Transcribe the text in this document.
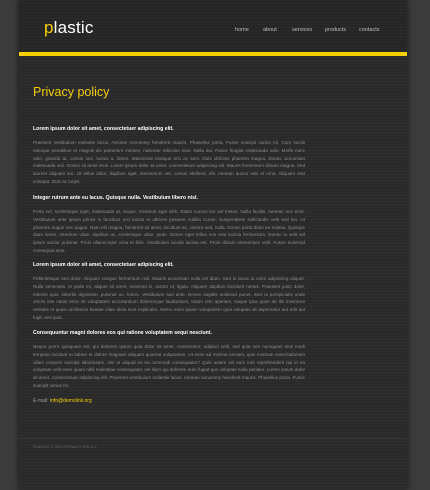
plastic	home	about	services products contacts
Privacy policy

Lorem ipsum dolor sit amet, consectetuer adipiscing elit.

Praesent vestibulum molestie lacus. Aenean nonummy hendrerit mauris. Phasellus porta. Fusce suscipit varius mi. Cum sociis natoque penatibus et magnis dis parturient montes, nascetur ridiculus mus. Nulla dui. Fusce feugiat malesuada odio. Morbi nunc odio, gravida at, cursus nec, luctus a, lorem. Maecenas tristique orci ac sem. Duis ultricies pharetra magna. Donec accumsan malesuada orci. Donec sit amet eros. Lorem ipsum dolor sit amet, consectetuer adipiscing elit. Mauris fermentum dictum magna. Sed laoreet aliquam leo. Ut tellus dolor, dapibus eget, elementum vel, cursus eleifend, elit. Aenean auctor wisi et urna. Aliquam erat volutpat. Duis ac turpis.

Integer rutrum ante eu lacus. Quisque nulla. Vestibulum libero nisl.

Porta vel, scelerisque eget, malesuada at, neque. Vivamus eget nibh. Etiam cursus leo vel metus. Nulla facilisi. Aenean nec eros. Vestibulum ante ipsum primis in faucibus orci luctus et ultrices posuere cubilia Curae; Suspendisse sollicitudin velit sed leo. Ut pharetra augue nec augue. Nam elit magna, hendrerit sit amet, tincidunt ac, viverra sed, nulla. Donec porta diam eu massa. Quisque diam lorem, interdum vitae, dapibus ac, scelerisque vitae, pede. Donec eget tellus non erat lacinia fermentum. Donec in velit vel ipsum auctor pulvinar. Proin ullamcorper urna et felis. Vestibulum iaculis lacinia est. Proin dictum elementum velit. Fusce euismod consequat ante.

Lorem ipsum dolor sit amet, consectetuer adipiscing elit.

Pellentesque sed dolor. Aliquam congue fermentum nisl. Mauris accumsan nulla vel diam. Sed in lacus ut enim adipiscing aliquet. Nulla venenatis. In pede mi, aliquet sit amet, euismod in, auctor ut, ligula. Aliquam dapibus tincidunt metus. Praesent justo dolor, lobortis quis, lobortis dignissim, pulvinar ac, lorem. Vestibulum sed ante. Donec sagittis euismod purus. Sed ut perspiciatis unde omnis iste natus error sit voluptatem accusantium doloremque laudantium, totam rem aperiam, eaque ipsa quae ab illo inventore veritatis et quasi architecto beatae vitae dicta sunt explicabo. Nemo enim ipsam voluptatem quia voluptas sit aspernatur aut odit aut fugit, sed quia.

Consequuntur magni dolores eos qui ratione voluptatem sequi nesciunt.

Neque porro quisquam est, qui dolorem ipsum quia dolor sit amet, consectetur, adipisci velit, sed quia non numquam eius modi tempora incidunt ut labore et dolore magnam aliquam quaerat voluptatem. Ut enim ad minima veniam, quis nostrum exercitationem ullam corporis suscipit laboriosam, nisi ut aliquid ex ea commodi consequatur? Quis autem vel eum iure reprehenderit qui in ea voluptate velit esse quam nihil molestiae consequatur, vel illum qui dolorem eum fugiat quo voluptas nulla pariatur. Lorem ipsum dolor sit amet, consectetuer adipiscing elit. Praesent vestibulum molestie lacus. Aenean nonummy hendrerit mauris. Phasellus porta. Fusce suscipit varius mi.

E-mail: info@demolink.org
PLASTIC © 2011 PRIVACY POLICY
